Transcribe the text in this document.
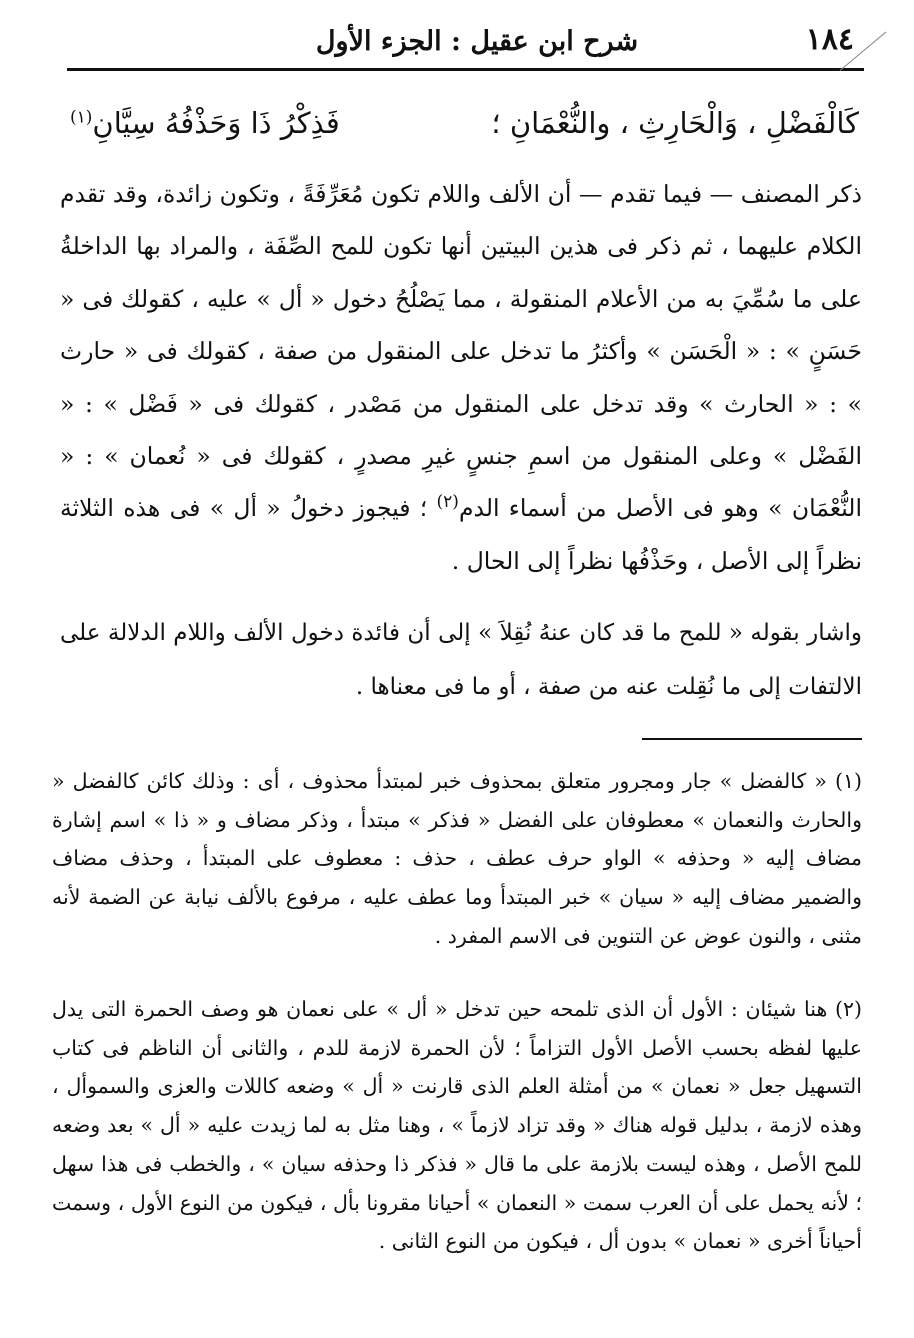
١٨٤
شرح ابن عقيل : الجزء الأول
كَالْفَضْلِ ، وَالْحَارِثِ ، والنُّعْمَانِ ؛
فَذِكْرُ ذَا وَحَذْفُهُ سِيَّانِ$^{(١)}$
ذكر المصنف — فيما تقدم — أن الألف واللام تكون مُعَرِّفَةً ، وتكون زائدة، وقد تقدم الكلام عليهما ، ثم ذكر فى هذين البيتين أنها تكون للمح الصِّفَة ، والمراد بها الداخلةُ على ما سُمِّيَ به من الأعلام المنقولة ، مما يَصْلُحُ دخول « أل » عليه ، كقولك فى « حَسَنٍ » : « الْحَسَن » وأكثرُ ما تدخل على المنقول من صفة ، كقولك فى « حارث » : « الحارث » وقد تدخل على المنقول من مَصْدر ، كقولك فى « فَضْل » : « الفَضْل » وعلى المنقول من اسمِ جنسٍ غيرِ مصدرٍ ، كقولك فى « نُعمان » : « النُّعْمَان » وهو فى الأصل من أسماء الدم$^{(٢)}$ ؛ فيجوز دخولُ « أل » فى هذه الثلاثة نظراً إلى الأصل ، وحَذْفُها نظراً إلى الحال .
واشار بقوله « للمح ما قد كان عنهُ نُقِلاَ » إلى أن فائدة دخول الألف واللام الدلالة على الالتفات إلى ما نُقِلت عنه من صفة ، أو ما فى معناها .
(١) « كالفضل » جار ومجرور متعلق بمحذوف خبر لمبتدأ محذوف ، أى : وذلك كائن كالفضل « والحارث والنعمان » معطوفان على الفضل « فذكر » مبتدأ ، وذكر مضاف و « ذا » اسم إشارة مضاف إليه « وحذفه » الواو حرف عطف ، حذف : معطوف على المبتدأ ، وحذف مضاف والضمير مضاف إليه « سيان » خبر المبتدأ وما عطف عليه ، مرفوع بالألف نيابة عن الضمة لأنه مثنى ، والنون عوض عن التنوين فى الاسم المفرد .
(٢) هنا شيئان : الأول أن الذى تلمحه حين تدخل « أل » على نعمان هو وصف الحمرة التى يدل عليها لفظه بحسب الأصل الأول التزاماً ؛ لأن الحمرة لازمة للدم ، والثانى أن الناظم فى كتاب التسهيل جعل « نعمان » من أمثلة العلم الذى قارنت « أل » وضعه كاللات والعزى والسموأل ، وهذه لازمة ، بدليل قوله هناك « وقد تزاد لازماً » ، وهنا مثل به لما زيدت عليه « أل » بعد وضعه للمح الأصل ، وهذه ليست بلازمة على ما قال « فذكر ذا وحذفه سيان » ، والخطب فى هذا سهل ؛ لأنه يحمل على أن العرب سمت « النعمان » أحيانا مقرونا بأل ، فيكون من النوع الأول ، وسمت أحياناً أخرى « نعمان » بدون أل ، فيكون من النوع الثانى .
